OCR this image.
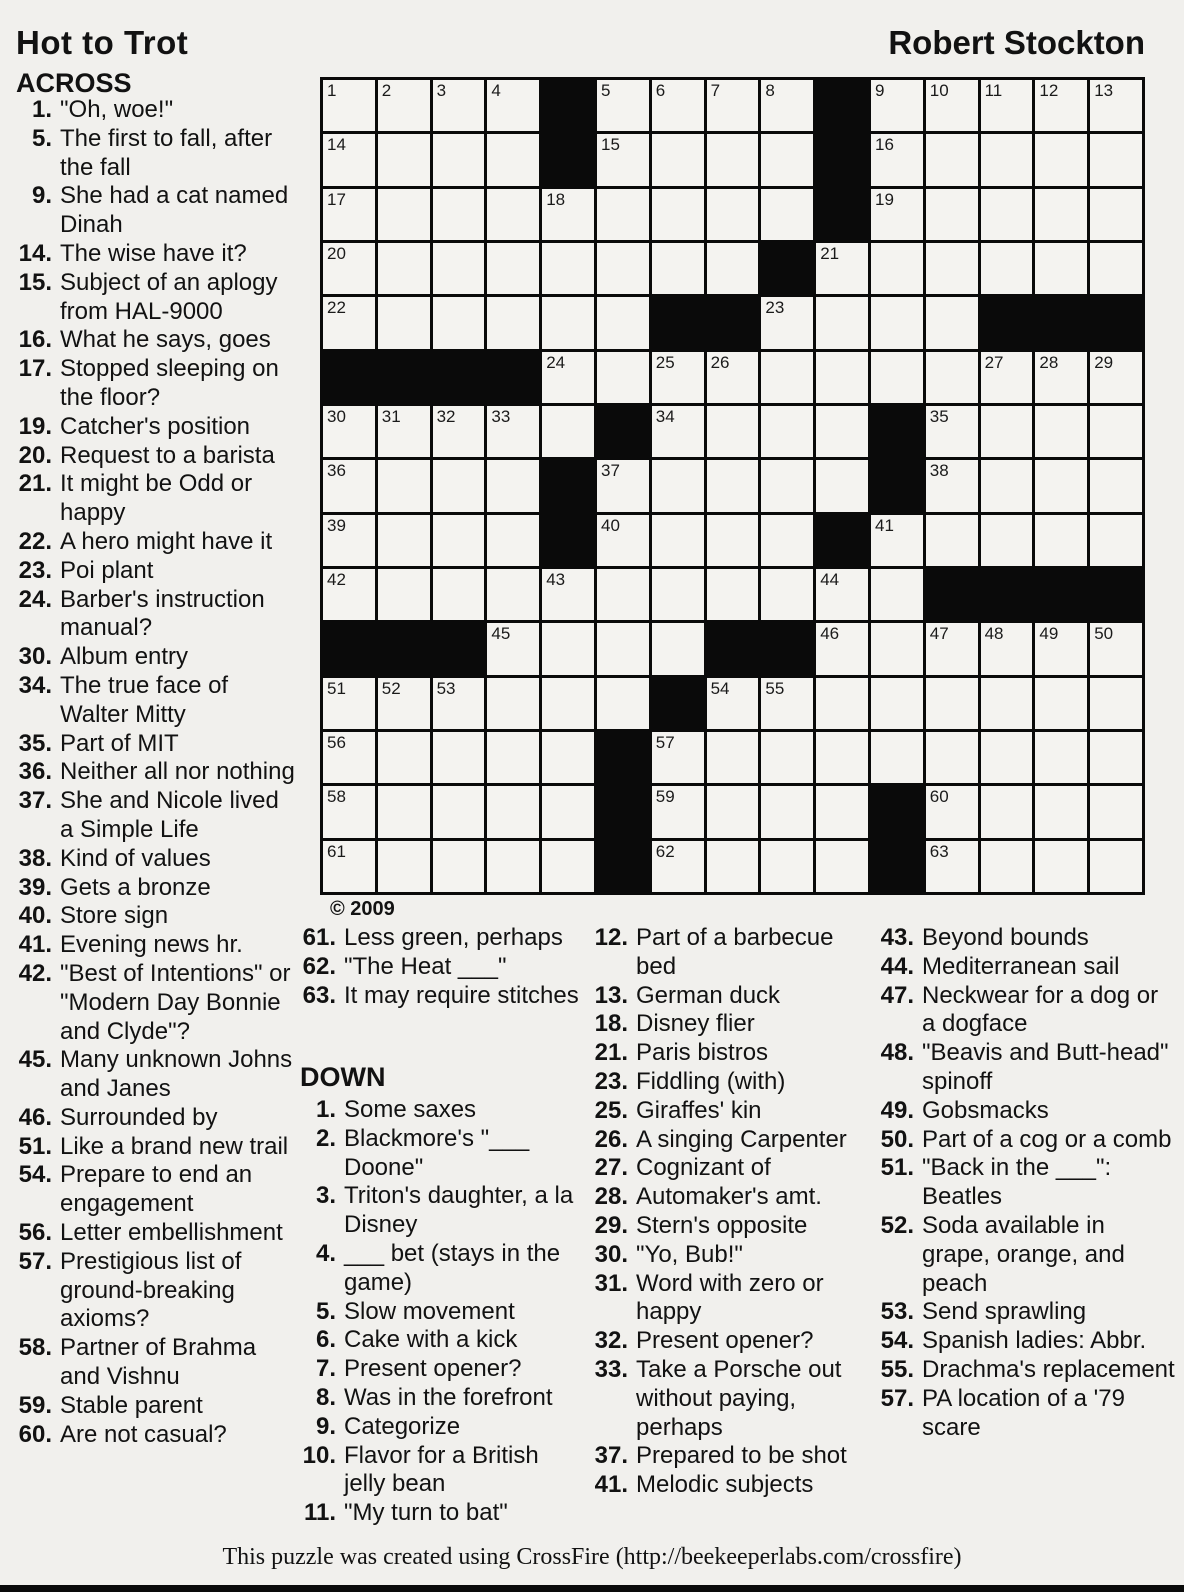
Hot to Trot	Robert Stockton
ACROSS
1. "Oh, woe!"
5. The first to fall, after the fall
9. She had a cat named Dinah
14. The wise have it?
15. Subject of an aplogy from HAL-9000
16. What he says, goes
17. Stopped sleeping on the floor?
19. Catcher's position
20. Request to a barista
21. It might be Odd or happy
22. A hero might have it
23. Poi plant
24. Barber's instruction manual?
30. Album entry
34. The true face of Walter Mitty
35. Part of MIT
36. Neither all nor nothing
37. She and Nicole lived a Simple Life
38. Kind of values
39. Gets a bronze
40. Store sign
41. Evening news hr.
42. "Best of Intentions" or "Modern Day Bonnie and Clyde"?
45. Many unknown Johns and Janes
46. Surrounded by
51. Like a brand new trail
54. Prepare to end an engagement
56. Letter embellishment
57. Prestigious list of ground-breaking axioms?
58. Partner of Brahma and Vishnu
59. Stable parent
60. Are not casual?
1	2	3	4	5	6	7	8	9	10 11 12 13
14	15	16
17	18	19
20	21
22	23
24	25 26	27 28 29
30 31 32 33	34	35
36	37	38
39	40	41
42	43	44
45	46	47 48 49 50
51 52 53	54 55
56	57
58	59	60
61	62	63
© 2009
61. Less green, perhaps
62. "The Heat ___"
63. It may require stitches
DOWN
1. Some saxes
2. Blackmore's "___ Doone"
3. Triton's daughter, a la Disney
4. ___ bet (stays in the game)
5. Slow movement
6. Cake with a kick
7. Present opener?
8. Was in the forefront
9. Categorize
10. Flavor for a British jelly bean
11. "My turn to bat"
12. Part of a barbecue bed
13. German duck
18. Disney flier
21. Paris bistros
23. Fiddling (with)
25. Giraffes' kin
26. A singing Carpenter
27. Cognizant of
28. Automaker's amt.
29. Stern's opposite
30. "Yo, Bub!"
31. Word with zero or happy
32. Present opener?
33. Take a Porsche out without paying, perhaps
37. Prepared to be shot
41. Melodic subjects
43. Beyond bounds
44. Mediterranean sail
47. Neckwear for a dog or a dogface
48. "Beavis and Butt-head" spinoff
49. Gobsmacks
50. Part of a cog or a comb
51. "Back in the ___": Beatles
52. Soda available in grape, orange, and peach
53. Send sprawling
54. Spanish ladies: Abbr.
55. Drachma's replacement
57. PA location of a '79 scare
This puzzle was created using CrossFire (http://beekeeperlabs.com/crossfire)
